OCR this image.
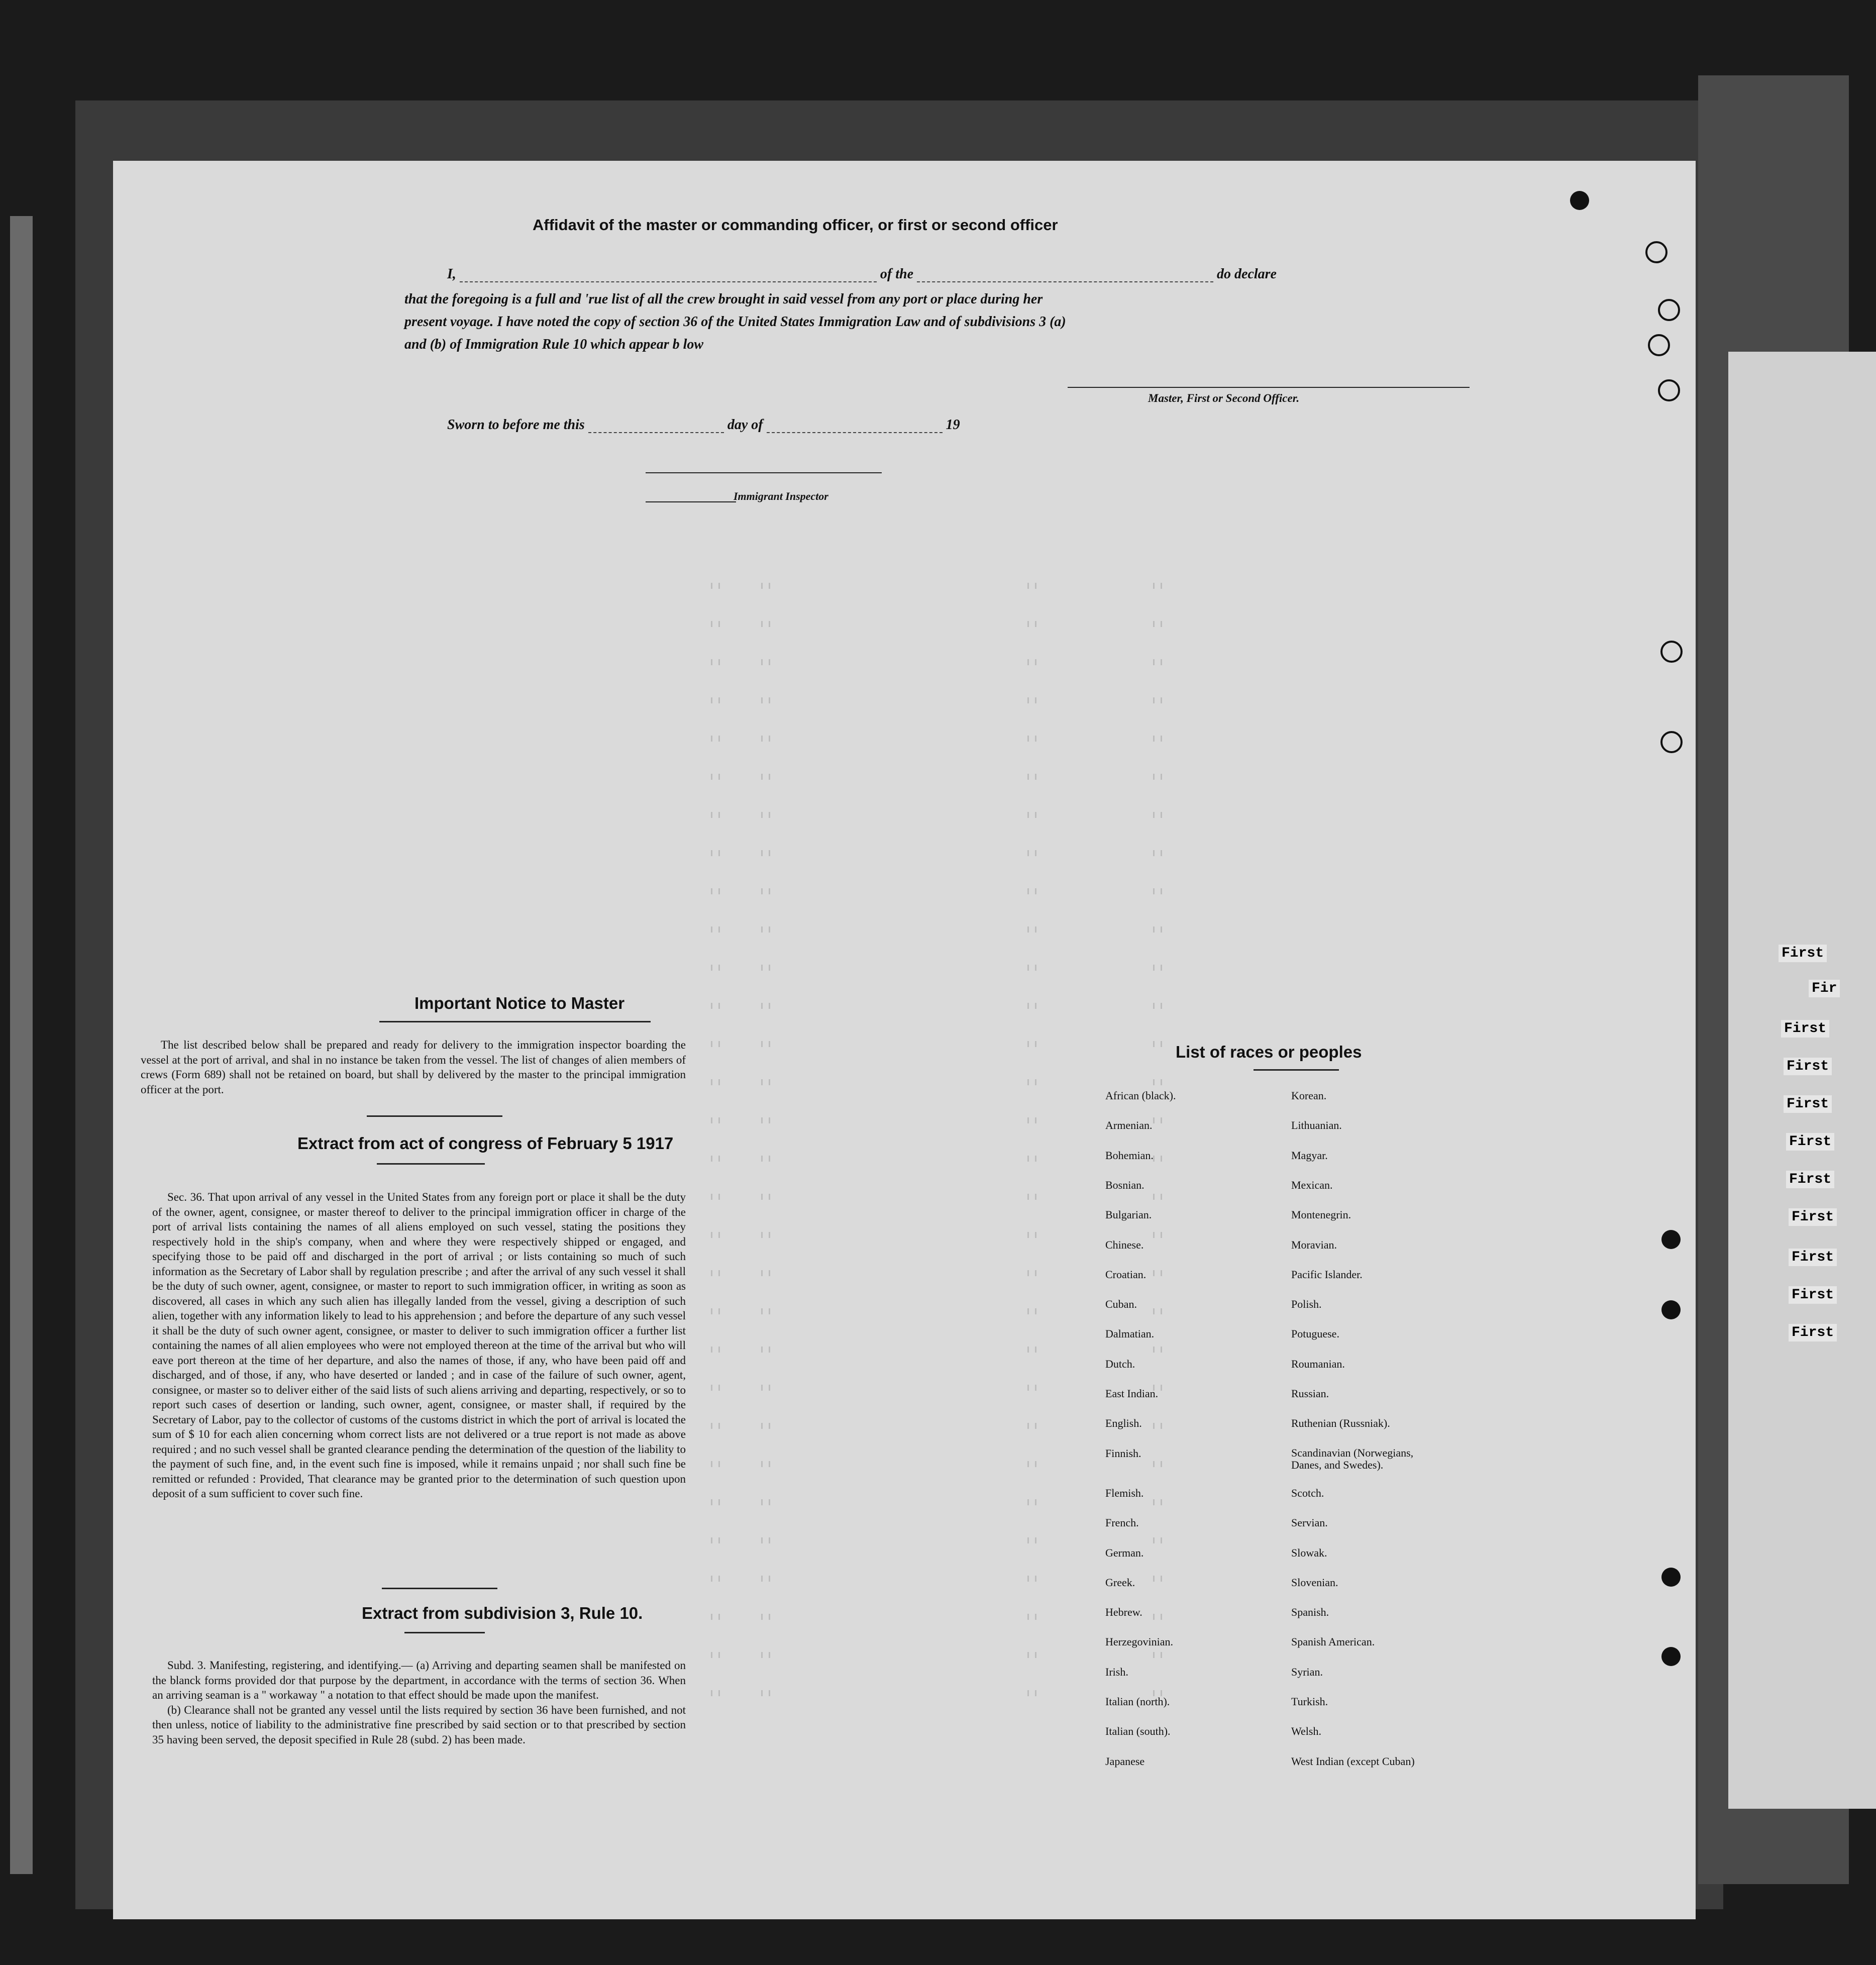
Affidavit of the master or commanding officer, or first or second officer
I,	of the	do declare
that the foregoing is a full and 'rue list of all the crew brought in said vessel from any port or place during her
present voyage. I have noted the copy of section 36 of the United States Immigration Law and of subdivisions 3 (a)
and (b) of Immigration Rule 10 which appear b low
Master, First or Second Officer.
Sworn to before me this	day of	19
Immigrant Inspector
Important Notice to Master

The list described below shall be prepared and ready for delivery to the immigration inspector boarding the vessel at the port of arrival, and shal in no instance be taken from the vessel. The list of changes of alien members of crews (Form 689) shall not be retained on board, but shall by delivered by the master to the principal immigration officer at the port.

Extract from act of congress of February 5 1917

Sec. 36. That upon arrival of any vessel in the United States from any foreign port or place it shall be the duty of the owner, agent, consignee, or master thereof to deliver to the principal immigration officer in charge of the port of arrival lists containing the names of all aliens employed on such vessel, stating the positions they respectively hold in the ship's company, when and where they were respectively shipped or engaged, and specifying those to be paid off and discharged in the port of arrival ; or lists containing so much of such information as the Secretary of Labor shall by regulation prescribe ; and after the arrival of any such vessel it shall be the duty of such owner, agent, consignee, or master to report to such immigration officer, in writing as soon as discovered, all cases in which any such alien has illegally landed from the vessel, giving a description of such alien, together with any information likely to lead to his apprehension ; and before the departure of any such vessel it shall be the duty of such owner agent, consignee, or master to deliver to such immigration officer a further list containing the names of all alien employees who were not employed thereon at the time of the arrival but who will eave port thereon at the time of her departure, and also the names of those, if any, who have been paid off and discharged, and of those, if any, who have deserted or landed ; and in case of the failure of such owner, agent, consignee, or master so to deliver either of the said lists of such aliens arriving and departing, respectively, or so to report such cases of desertion or landing, such owner, agent, consignee, or master shall, if required by the Secretary of Labor, pay to the collector of customs of the customs district in which the port of arrival is located the sum of $ 10 for each alien concerning whom correct lists are not delivered or a true report is not made as above required ; and no such vessel shall be granted clearance pending the determination of the question of the liability to the payment of such fine, and, in the event such fine is imposed, while it remains unpaid ; nor shall such fine be remitted or refunded : Provided, That clearance may be granted prior to the determination of such question upon deposit of a sum sufficient to cover such fine.

Extract from subdivision 3, Rule 10.

Subd. 3. Manifesting, registering, and identifying.— (a) Arriving and departing seamen shall be manifested on the blanck forms provided dor that purpose by the department, in accordance with the terms of section 36. When an arriving seaman is a " workaway " a notation to that effect should be made upon the manifest.

(b) Clearance shall not be granted any vessel until the lists required by section 36 have been furnished, and not then unless, notice of liability to the administrative fine prescribed by said section or to that prescribed by section 35 having been served, the deposit specified in Rule 28 (subd. 2) has been made.

List of races or peoples
African (black).
Armenian.
Bohemian.
Bosnian.
Bulgarian.
Chinese.
Croatian.
Cuban.
Dalmatian.
Dutch.
East Indian.
English.
Finnish.
Flemish.
French.
German.
Greek.
Hebrew.
Herzegovinian.
Irish.
Italian (north).
Italian (south).
Japanese
Korean.
Lithuanian.
Magyar.
Mexican.
Montenegrin.
Moravian.
Pacific Islander.
Polish.
Potuguese.
Roumanian.
Russian.
Ruthenian (Russniak).
Scandinavian (Norwegians, Danes, and Swedes).
Scotch.
Servian.
Slowak.
Slovenian.
Spanish.
Spanish American.
Syrian.
Turkish.
Welsh.
West Indian (except Cuban)
First
Fir
First
First
First
First
First
First
First
First
First
